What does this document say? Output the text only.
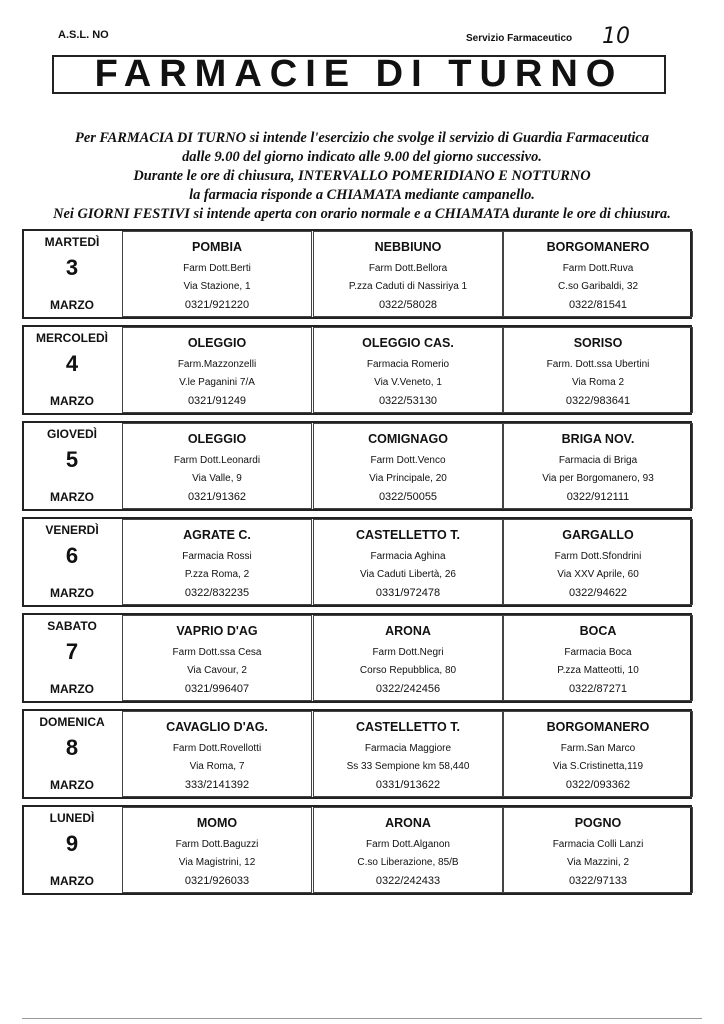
A.S.L. NO	Servizio Farmaceutico 10
FARMACIE DI TURNO
Per FARMACIA DI TURNO si intende l'esercizio che svolge il servizio di Guardia Farmaceutica
dalle 9.00 del giorno indicato alle 9.00 del giorno successivo.
Durante le ore di chiusura, INTERVALLO POMERIDIANO E NOTTURNO
la farmacia risponde a CHIAMATA mediante campanello.
Nei GIORNI FESTIVI si intende aperta con orario normale e a CHIAMATA durante le ore di chiusura.
MARTEDÌ
3
MARZO
POMBIA
Farm Dott.Berti
Via Stazione, 1
0321/921220
NEBBIUNO
Farm Dott.Bellora
P.zza Caduti di Nassiriya 1
0322/58028
BORGOMANERO
Farm Dott.Ruva
C.so Garibaldi, 32
0322/81541
MERCOLEDÌ
4
MARZO
OLEGGIO
Farm.Mazzonzelli
V.le Paganini 7/A
0321/91249
OLEGGIO CAS.
Farmacia Romerio
Via V.Veneto, 1
0322/53130
SORISO
Farm. Dott.ssa Ubertini
Via Roma 2
0322/983641
GIOVEDÌ
5
MARZO
OLEGGIO
Farm Dott.Leonardi
Via Valle, 9
0321/91362
COMIGNAGO
Farm Dott.Venco
Via Principale, 20
0322/50055
BRIGA NOV.
Farmacia di Briga
Via per Borgomanero, 93
0322/912111
VENERDÌ
6
MARZO
AGRATE C.
Farmacia Rossi
P.zza Roma, 2
0322/832235
CASTELLETTO T.
Farmacia Aghina
Via Caduti Libertà, 26
0331/972478
GARGALLO
Farm Dott.Sfondrini
Via XXV Aprile, 60
0322/94622
SABATO
7
MARZO
VAPRIO D'AG
Farm Dott.ssa Cesa
Via Cavour, 2
0321/996407
ARONA
Farm Dott.Negri
Corso Repubblica, 80
0322/242456
BOCA
Farmacia Boca
P.zza Matteotti, 10
0322/87271
DOMENICA
8
MARZO
CAVAGLIO D'AG.
Farm Dott.Rovellotti
Via Roma, 7
333/2141392
CASTELLETTO T.
Farmacia Maggiore
Ss 33 Sempione km 58,440
0331/913622
BORGOMANERO
Farm.San Marco
Via S.Cristinetta,119
0322/093362
LUNEDÌ
9
MARZO
MOMO
Farm Dott.Baguzzi
Via Magistrini, 12
0321/926033
ARONA
Farm Dott.Alganon
C.so Liberazione, 85/B
0322/242433
POGNO
Farmacia Colli Lanzi
Via Mazzini, 2
0322/97133
